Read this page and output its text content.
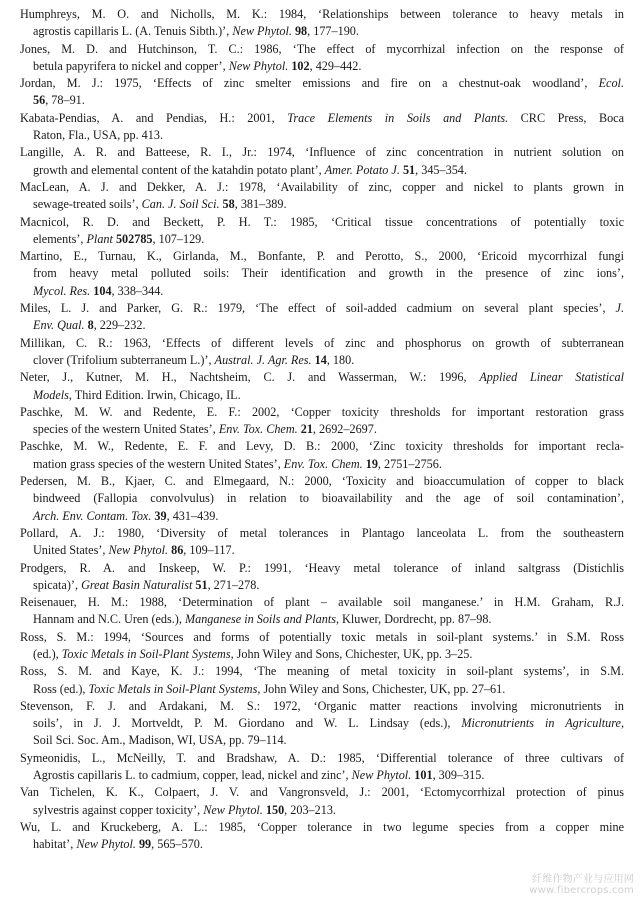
Humphreys, M. O. and Nicholls, M. K.: 1984, ‘Relationships between tolerance to heavy metals in
agrostis capillaris L. (A. Tenuis Sibth.)’, New Phytol. 98, 177–190.
Jones, M. D. and Hutchinson, T. C.: 1986, ‘The effect of mycorrhizal infection on the response of
betula papyrifera to nickel and copper’, New Phytol. 102, 429–442.
Jordan, M. J.: 1975, ‘Effects of zinc smelter emissions and fire on a chestnut-oak woodland’, Ecol.
56, 78–91.
Kabata-Pendias, A. and Pendias, H.: 2001, Trace Elements in Soils and Plants. CRC Press, Boca
Raton, Fla., USA, pp. 413.
Langille, A. R. and Batteese, R. I., Jr.: 1974, ‘Influence of zinc concentration in nutrient solution on
growth and elemental content of the katahdin potato plant’, Amer. Potato J. 51, 345–354.
MacLean, A. J. and Dekker, A. J.: 1978, ‘Availability of zinc, copper and nickel to plants grown in
sewage-treated soils’, Can. J. Soil Sci. 58, 381–389.
Macnicol, R. D. and Beckett, P. H. T.: 1985, ‘Critical tissue concentrations of potentially toxic
elements’, Plant 502785, 107–129.
Martino, E., Turnau, K., Girlanda, M., Bonfante, P. and Perotto, S., 2000, ‘Ericoid mycorrhizal fungi
from heavy metal polluted soils: Their identification and growth in the presence of zinc ions’,
Mycol. Res. 104, 338–344.
Miles, L. J. and Parker, G. R.: 1979, ‘The effect of soil-added cadmium on several plant species’, J.
Env. Qual. 8, 229–232.
Millikan, C. R.: 1963, ‘Effects of different levels of zinc and phosphorus on growth of subterranean
clover (Trifolium subterraneum L.)’, Austral. J. Agr. Res. 14, 180.
Neter, J., Kutner, M. H., Nachtsheim, C. J. and Wasserman, W.: 1996, Applied Linear Statistical
Models, Third Edition. Irwin, Chicago, IL.
Paschke, M. W. and Redente, E. F.: 2002, ‘Copper toxicity thresholds for important restoration grass
species of the western United States’, Env. Tox. Chem. 21, 2692–2697.
Paschke, M. W., Redente, E. F. and Levy, D. B.: 2000, ‘Zinc toxicity thresholds for important recla-
mation grass species of the western United States’, Env. Tox. Chem. 19, 2751–2756.
Pedersen, M. B., Kjaer, C. and Elmegaard, N.: 2000, ‘Toxicity and bioaccumulation of copper to black
bindweed (Fallopia convolvulus) in relation to bioavailability and the age of soil contamination’,
Arch. Env. Contam. Tox. 39, 431–439.
Pollard, A. J.: 1980, ‘Diversity of metal tolerances in Plantago lanceolata L. from the southeastern
United States’, New Phytol. 86, 109–117.
Prodgers, R. A. and Inskeep, W. P.: 1991, ‘Heavy metal tolerance of inland saltgrass (Distichlis
spicata)’, Great Basin Naturalist 51, 271–278.
Reisenauer, H. M.: 1988, ‘Determination of plant – available soil manganese.’ in H.M. Graham, R.J.
Hannam and N.C. Uren (eds.), Manganese in Soils and Plants, Kluwer, Dordrecht, pp. 87–98.
Ross, S. M.: 1994, ‘Sources and forms of potentially toxic metals in soil-plant systems.’ in S.M. Ross
(ed.), Toxic Metals in Soil-Plant Systems, John Wiley and Sons, Chichester, UK, pp. 3–25.
Ross, S. M. and Kaye, K. J.: 1994, ‘The meaning of metal toxicity in soil-plant systems’, in S.M.
Ross (ed.), Toxic Metals in Soil-Plant Systems, John Wiley and Sons, Chichester, UK, pp. 27–61.
Stevenson, F. J. and Ardakani, M. S.: 1972, ‘Organic matter reactions involving micronutrients in
soils’, in J. J. Mortveldt, P. M. Giordano and W. L. Lindsay (eds.), Micronutrients in Agriculture,
Soil Sci. Soc. Am., Madison, WI, USA, pp. 79–114.
Symeonidis, L., McNeilly, T. and Bradshaw, A. D.: 1985, ‘Differential tolerance of three cultivars of
Agrostis capillaris L. to cadmium, copper, lead, nickel and zinc’, New Phytol. 101, 309–315.
Van Tichelen, K. K., Colpaert, J. V. and Vangronsveld, J.: 2001, ‘Ectomycorrhizal protection of pinus
sylvestris against copper toxicity’, New Phytol. 150, 203–213.
Wu, L. and Kruckeberg, A. L.: 1985, ‘Copper tolerance in two legume species from a copper mine
habitat’, New Phytol. 99, 565–570.
纤维作物产业与应用网
www.fibercrops.com
